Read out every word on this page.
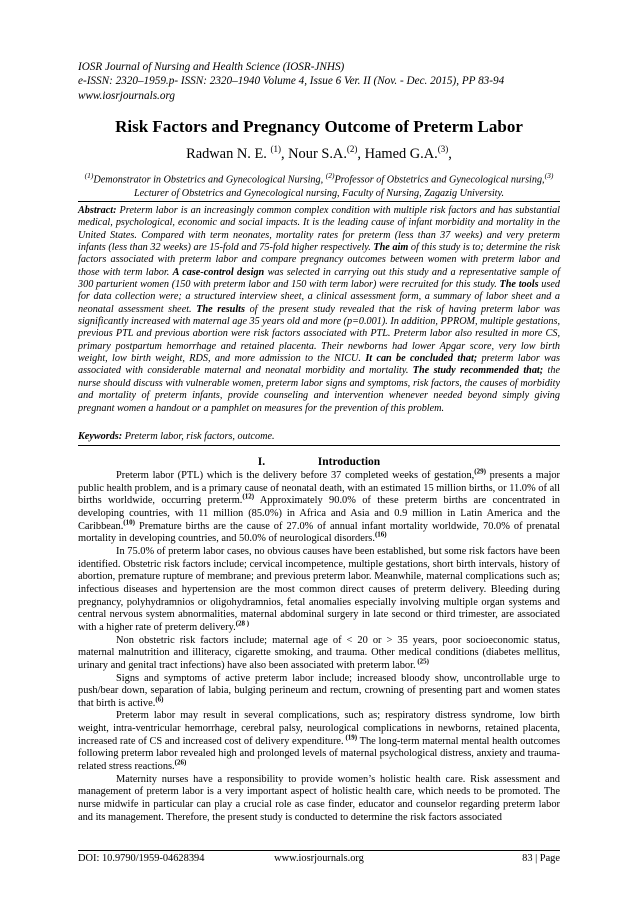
IOSR Journal of Nursing and Health Science (IOSR-JNHS)
e-ISSN: 2320–1959.p- ISSN: 2320–1940 Volume 4, Issue 6 Ver. II (Nov. - Dec. 2015), PP 83-94
www.iosrjournals.org
Risk Factors and Pregnancy Outcome of Preterm Labor
Radwan N. E. $^{(1)}$, Nour S.A.$^{(2)}$, Hamed G.A.$^{(3)}$,
$^{(1)}$Demonstrator in Obstetrics and Gynecological Nursing, $^{(2)}$Professor of Obstetrics and Gynecological nursing,$^{(3)}$ Lecturer of Obstetrics and Gynecological nursing, Faculty of Nursing, Zagazig University.
Abstract: Preterm labor is an increasingly common complex condition with multiple risk factors and has substantial medical, psychological, economic and social impacts. It is the leading cause of infant morbidity and mortality in the United States. Compared with term neonates, mortality rates for preterm (less than 37 weeks) and very preterm infants (less than 32 weeks) are 15-fold and 75-fold higher respectively. The aim of this study is to; determine the risk factors associated with preterm labor and compare pregnancy outcomes between women with preterm labor and those with term labor. A case-control design was selected in carrying out this study and a representative sample of 300 parturient women (150 with preterm labor and 150 with term labor) were recruited for this study. The tools used for data collection were; a structured interview sheet, a clinical assessment form, a summary of labor sheet and a neonatal assessment sheet. The results of the present study revealed that the risk of having preterm labor was significantly increased with maternal age 35 years old and more (p=0.001). In addition, PPROM, multiple gestations, previous PTL and previous abortion were risk factors associated with PTL. Preterm labor also resulted in more CS, primary postpartum hemorrhage and retained placenta. Their newborns had lower Apgar score, very low birth weight, low birth weight, RDS, and more admission to the NICU. It can be concluded that; preterm labor was associated with considerable maternal and neonatal morbidity and mortality. The study recommended that; the nurse should discuss with vulnerable women, preterm labor signs and symptoms, risk factors, the causes of morbidity and mortality of preterm infants, provide counseling and intervention whenever needed beyond simply giving pregnant women a handout or a pamphlet on measures for the prevention of this problem.
Keywords: Preterm labor, risk factors, outcome.
I.	Introduction

Preterm labor (PTL) which is the delivery before 37 completed weeks of gestation,$^{(29)}$ presents a major public health problem, and is a primary cause of neonatal death, with an estimated 15 million births, or 11.0% of all births worldwide, occurring preterm.$^{(12)}$ Approximately 90.0% of these preterm births are concentrated in developing countries, with 11 million (85.0%) in Africa and Asia and 0.9 million in Latin America and the Caribbean.$^{(10)}$ Premature births are the cause of 27.0% of annual infant mortality worldwide, 70.0% of prenatal mortality in developing countries, and 50.0% of neurological disorders.$^{(16)}$

In 75.0% of preterm labor cases, no obvious causes have been established, but some risk factors have been identified. Obstetric risk factors include; cervical incompetence, multiple gestations, short birth intervals, history of abortion, premature rupture of membrane; and previous preterm labor. Meanwhile, maternal complications such as; infectious diseases and hypertension are the most common direct causes of preterm delivery. Bleeding during pregnancy, polyhydramnios or oligohydramnios, fetal anomalies especially involving multiple organ systems and central nervous system abnormalities, maternal abdominal surgery in late second or third trimester, are associated with a higher rate of preterm delivery.$^{(28 )}$

Non obstetric risk factors include; maternal age of < 20 or > 35 years, poor socioeconomic status, maternal malnutrition and illiteracy, cigarette smoking, and trauma. Other medical conditions (diabetes mellitus, urinary and genital tract infections) have also been associated with preterm labor. $^{(25)}$

Signs and symptoms of active preterm labor include; increased bloody show, uncontrollable urge to push/bear down, separation of labia, bulging perineum and rectum, crowning of presenting part and women states that birth is active.$^{(6)}$

Preterm labor may result in several complications, such as; respiratory distress syndrome, low birth weight, intra-ventricular hemorrhage, cerebral palsy, neurological complications in newborns, retained placenta, increased rate of CS and increased cost of delivery expenditure. $^{(19)}$ The long-term maternal mental health outcomes following preterm labor revealed high and prolonged levels of maternal psychological distress, anxiety and trauma-related stress reactions.$^{(26)}$

Maternity nurses have a responsibility to provide women’s holistic health care. Risk assessment and management of preterm labor is a very important aspect of holistic health care, which needs to be promoted. The nurse midwife in particular can play a crucial role as case finder, educator and counselor regarding preterm labor and its management. Therefore, the present study is conducted to determine the risk factors associated

DOI: 10.9790/1959-04628394	www.iosrjournals.org	83 | Page
